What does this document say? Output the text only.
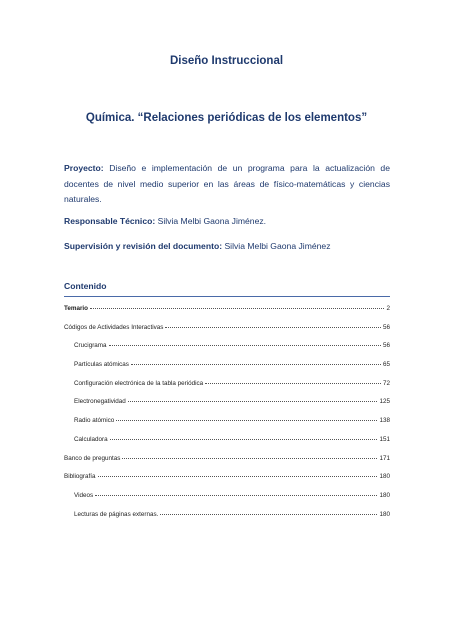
Diseño Instruccional
Química. “Relaciones periódicas de los elementos”
Proyecto: Diseño e implementación de un programa para la actualización de docentes de nivel medio superior en las áreas de físico-matemáticas y ciencias naturales.
Responsable Técnico: Silvia Melbi Gaona Jiménez.
Supervisión y revisión del documento: Silvia Melbi Gaona Jiménez
Contenido
Temario	2
Códigos de Actividades Interactivas	56
Crucigrama	56
Partículas atómicas	65
Configuración electrónica de la tabla periódica	72
Electronegatividad	125
Radio atómico	138
Calculadora	151
Banco de preguntas	171
Bibliografía	180
Videos	180
Lecturas de páginas externas.	180
